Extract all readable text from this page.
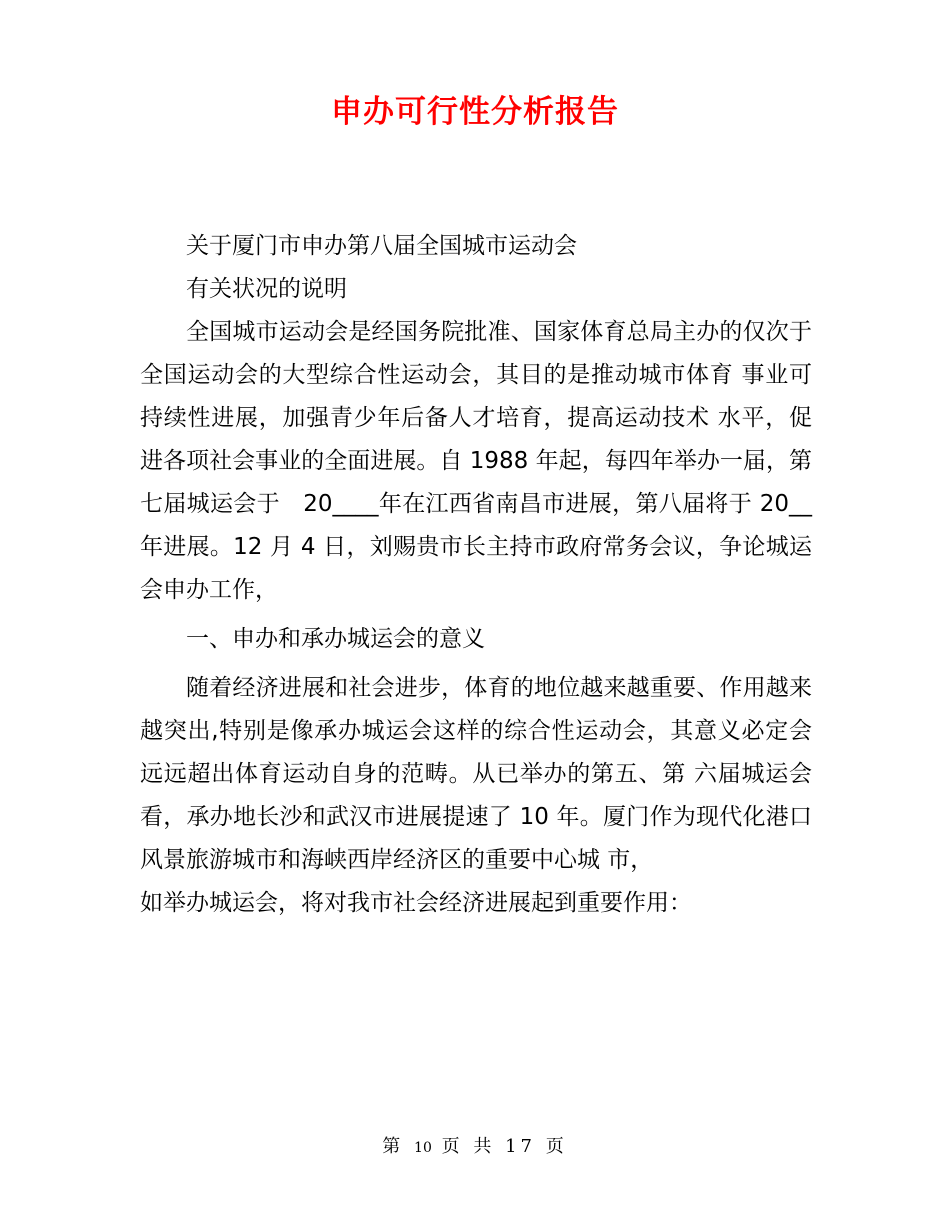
申办可行性分析报告

关于厦门市申办第八届全国城市运动会

有关状况的说明

全国城市运动会是经国务院批准、国家体育总局主办的仅次于全国运动会的大型综合性运动会，其目的是推动城市体育 事业可持续性进展，加强青少年后备人才培育，提高运动技术 水平，促进各项社会事业的全面进展。自 1988 年起，每四年举办一届，第七届城运会于　20____年在江西省南昌市进展，第八届将于 20__年进展。12 月 4 日，刘赐贵市长主持市政府常务会议，争论城运会申办工作，

一、申办和承办城运会的意义

随着经济进展和社会进步，体育的地位越来越重要、作用越来越突出,特别是像承办城运会这样的综合性运动会，其意义必定会远远超出体育运动自身的范畴。从已举办的第五、第 六届城运会看，承办地长沙和武汉市进展提速了 10 年。厦门作为现代化港口风景旅游城市和海峡西岸经济区的重要中心城 市，

如举办城运会，将对我市社会经济进展起到重要作用：

第 10 页 共 17 页
